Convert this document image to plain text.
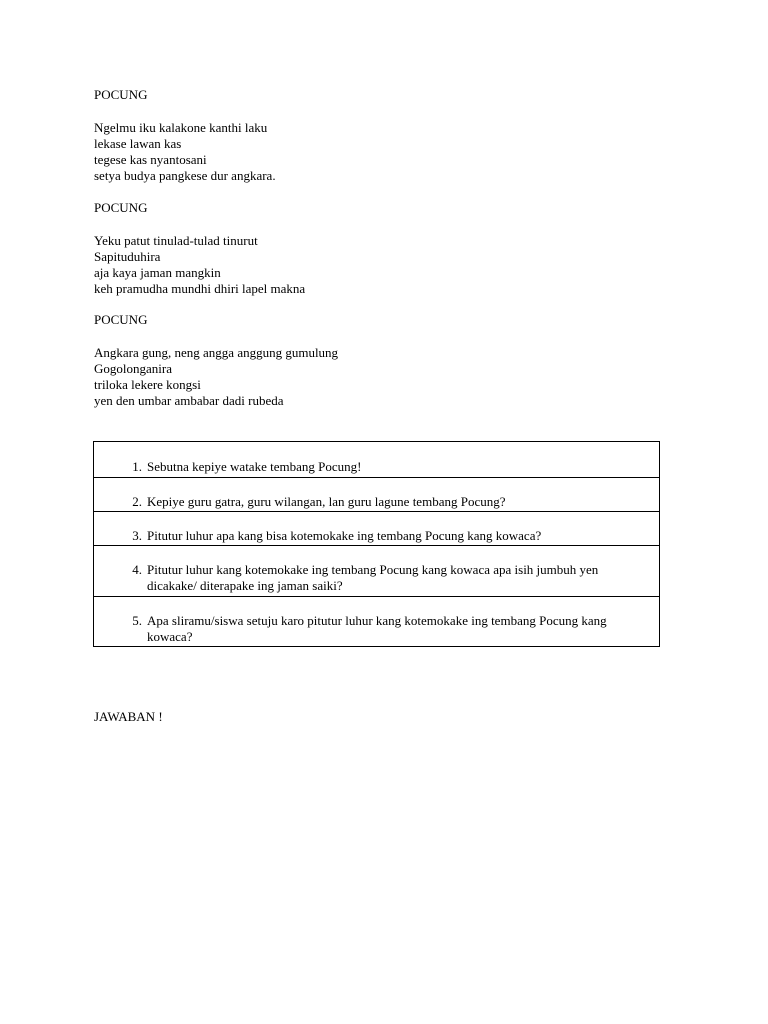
POCUNG
Ngelmu iku kalakone kanthi laku
lekase lawan kas
tegese kas nyantosani
setya budya pangkese dur angkara.
POCUNG
Yeku patut tinulad-tulad tinurut
Sapituduhira
aja kaya jaman mangkin
keh pramudha mundhi dhiri lapel makna
POCUNG
Angkara gung, neng angga anggung gumulung
Gogolonganira
triloka lekere kongsi
yen den umbar ambabar dadi rubeda
1. Sebutna kepiye watake tembang Pocung!
2. Kepiye guru gatra, guru wilangan, lan guru lagune tembang Pocung?
3. Pitutur luhur apa kang bisa kotemokake ing tembang Pocung kang kowaca?
4. Pitutur luhur kang kotemokake ing tembang Pocung kang kowaca apa isih jumbuh yen dicakake/ diterapake ing jaman saiki?
5. Apa sliramu/siswa setuju karo pitutur luhur kang kotemokake ing tembang Pocung kang kowaca?
JAWABAN !
